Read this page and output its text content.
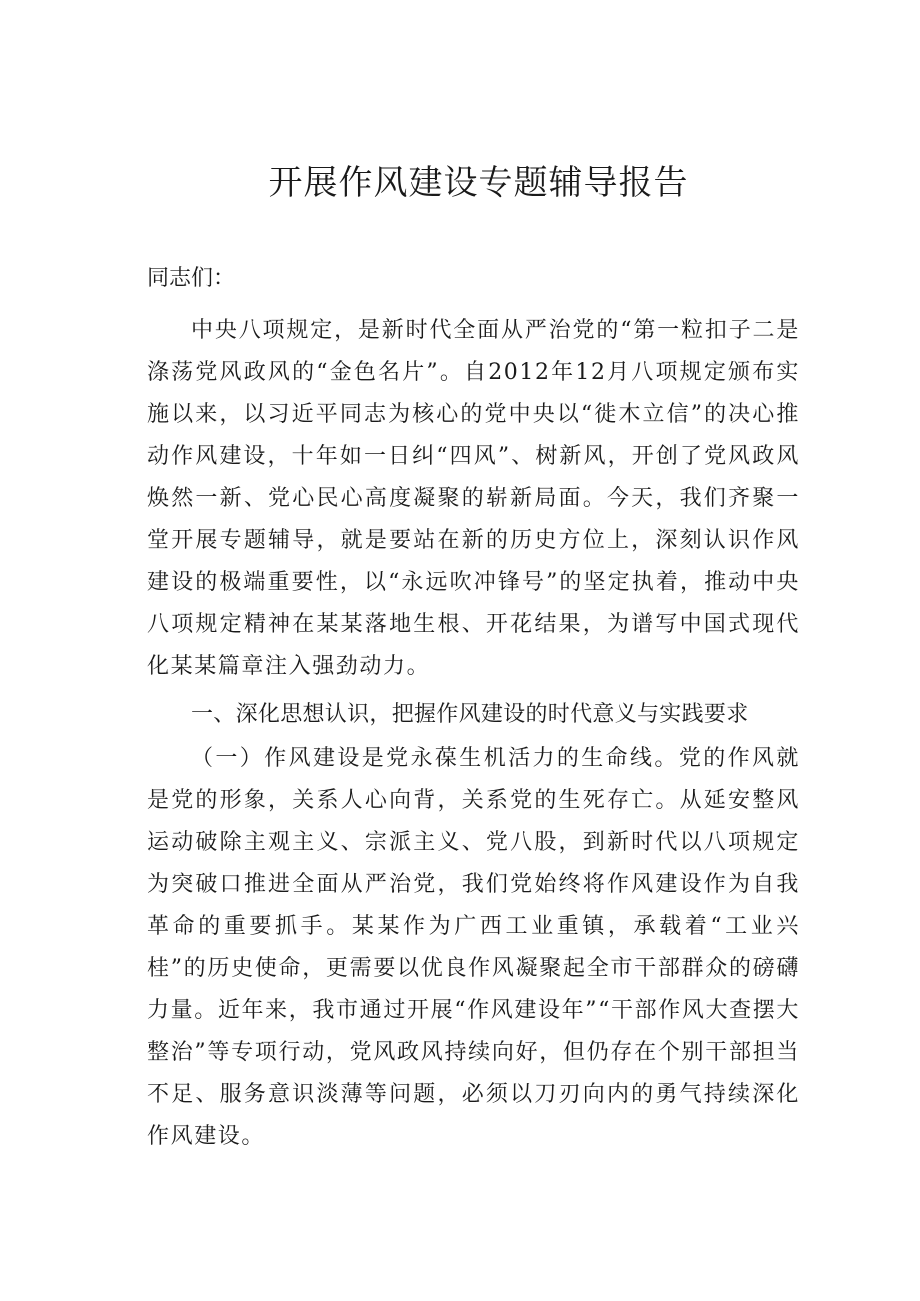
开展作风建设专题辅导报告

同志们：

中央八项规定，是新时代全面从严治党的“第一粒扣子二是涤荡党风政风的“金色名片”。自2012年12月八项规定颁布实施以来，以习近平同志为核心的党中央以“徙木立信”的决心推动作风建设，十年如一日纠“四风”、树新风，开创了党风政风焕然一新、党心民心高度凝聚的崭新局面。今天，我们齐聚一堂开展专题辅导，就是要站在新的历史方位上，深刻认识作风建设的极端重要性，以“永远吹冲锋号”的坚定执着，推动中央八项规定精神在某某落地生根、开花结果，为谱写中国式现代化某某篇章注入强劲动力。

一、深化思想认识，把握作风建设的时代意义与实践要求

（一）作风建设是党永葆生机活力的生命线。党的作风就是党的形象，关系人心向背，关系党的生死存亡。从延安整风运动破除主观主义、宗派主义、党八股，到新时代以八项规定为突破口推进全面从严治党，我们党始终将作风建设作为自我革命的重要抓手。某某作为广西工业重镇，承载着“工业兴桂”的历史使命，更需要以优良作风凝聚起全市干部群众的磅礴力量。近年来，我市通过开展“作风建设年”“干部作风大查摆大整治”等专项行动，党风政风持续向好，但仍存在个别干部担当不足、服务意识淡薄等问题，必须以刀刃向内的勇气持续深化作风建设。
